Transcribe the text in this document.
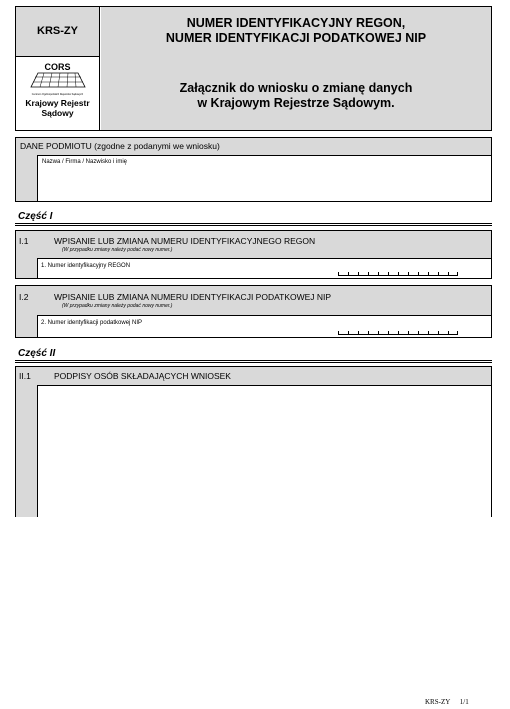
KRS-ZY
CORS
Centrum Ogólnopolskich Rejestrów Sądowych
Krajowy Rejestr
Sądowy
NUMER IDENTYFIKACYJNY REGON,
NUMER IDENTYFIKACJI PODATKOWEJ NIP
Załącznik do wniosku o zmianę danych
w Krajowym Rejestrze Sądowym.
DANE PODMIOTU (zgodne z podanymi we wniosku)
Nazwa / Firma / Nazwisko i imię
Część I
I.1	WPISANIE LUB ZMIANA NUMERU IDENTYFIKACYJNEGO REGON
(W przypadku zmiany należy podać nowy numer.)
1. Numer identyfikacyjny REGON
I.2	WPISANIE LUB ZMIANA NUMERU IDENTYFIKACJI PODATKOWEJ NIP
(W przypadku zmiany należy podać nowy numer.)
2. Numer identyfikacji podatkowej NIP
Część II
II.1	PODPISY OSÓB SKŁADAJĄCYCH WNIOSEK
KRS-ZY 1/1
